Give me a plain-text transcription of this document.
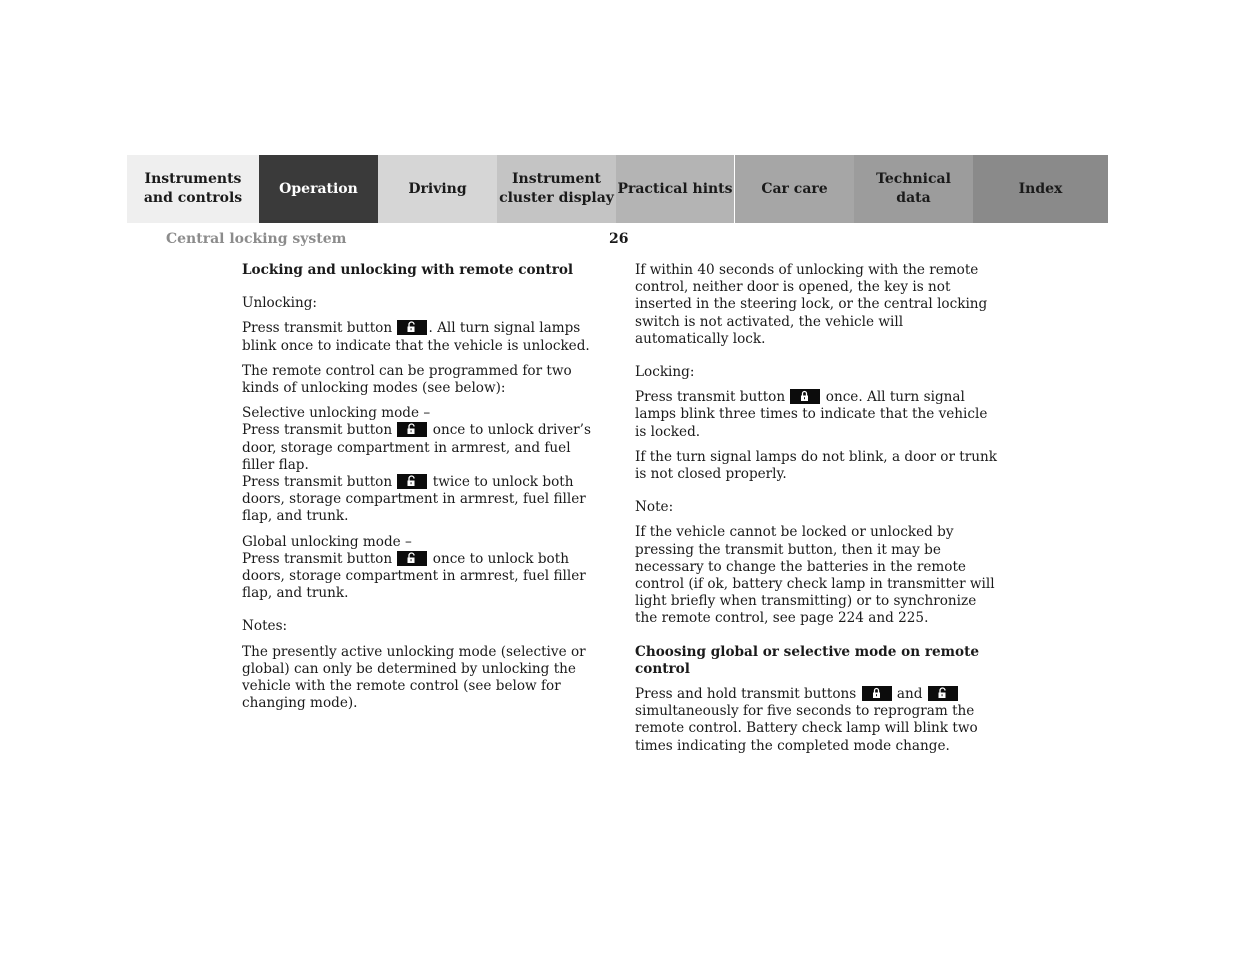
Instruments
and controls
Operation	Driving
Instrument
cluster display
Practical hints Car care
Technical
data
Index
Central locking system	26

Locking and unlocking with remote control

Unlocking:

Press transmit button
. All turn signal lamps blink once to indicate that the vehicle is unlocked.

The remote control can be programmed for two kinds of unlocking modes (see below):

Selective unlocking mode –

Press transmit button
once to unlock driver’s door, storage compartment in armrest, and fuel filler flap.

Press transmit button
twice to unlock both doors, storage compartment in armrest, fuel filler flap, and trunk.

Global unlocking mode –

Press transmit button
once to unlock both doors, storage compartment in armrest, fuel filler flap, and trunk.

Notes:

The presently active unlocking mode (selective or global) can only be determined by unlocking the vehicle with the remote control (see below for changing mode).

If within 40 seconds of unlocking with the remote control, neither door is opened, the key is not inserted in the steering lock, or the central locking switch is not activated, the vehicle will automatically lock.

Locking:

Press transmit button
once. All turn signal lamps blink three times to indicate that the vehicle is locked.

If the turn signal lamps do not blink, a door or trunk is not closed properly.

Note:

If the vehicle cannot be locked or unlocked by pressing the transmit button, then it may be necessary to change the batteries in the remote control (if ok, battery check lamp in transmitter will light briefly when transmitting) or to synchronize the remote control, see page 224 and 225.

Choosing global or selective mode on remote control

Press and hold transmit buttons
and
simultaneously for five seconds to reprogram the remote control. Battery check lamp will blink two times indicating the completed mode change.
